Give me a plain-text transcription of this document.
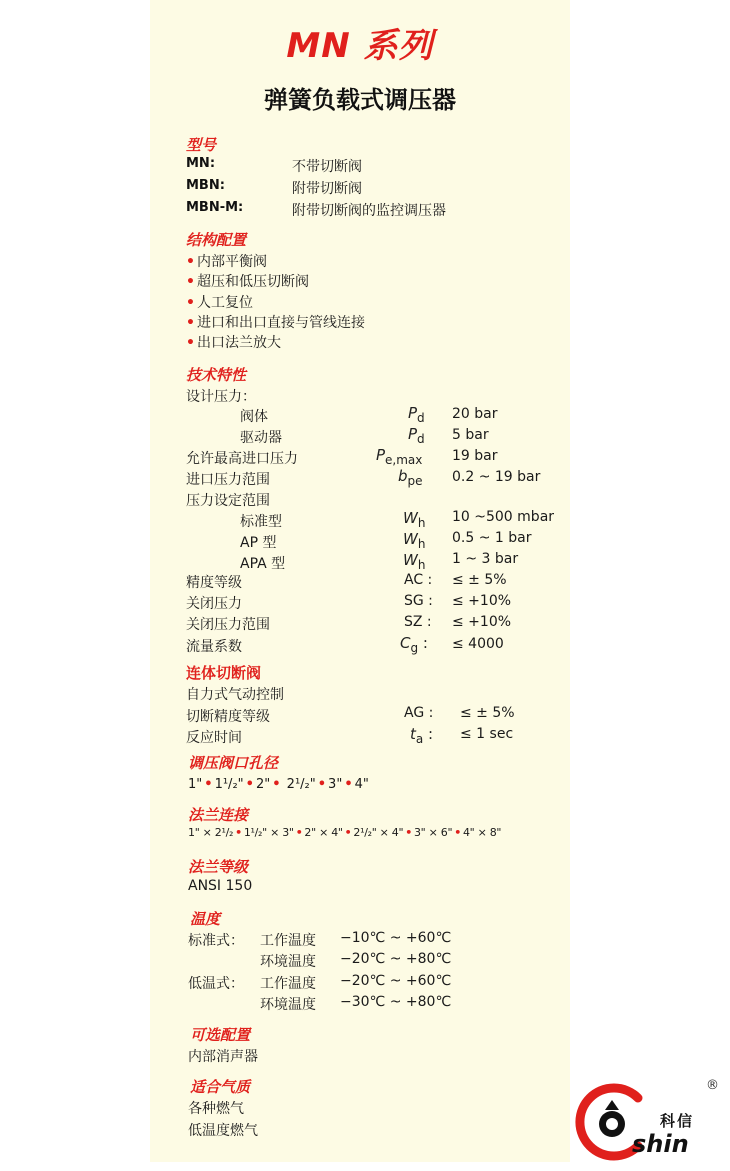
MN 系列
弹簧负载式调压器
型号
MN:	不带切断阀
MBN:	附带切断阀
MBN-M:	附带切断阀的监控调压器
结构配置
• 内部平衡阀
• 超压和低压切断阀
• 人工复位
• 进口和出口直接与管线连接
• 出口法兰放大
技术特性
设计压力：
阀体	$P_d$ 20 bar
驱动器	$P_d$ 5 bar
允许最高进口压力	$P_{e,max}$ 19 bar
进口压力范围	$b_{pe}$ 0.2 ~ 19 bar
压力设定范围
标准型	$W_h$ 10 ~500 mbar
AP 型	$W_h$ 0.5 ~ 1 bar
APA 型	$W_h$ 1 ~ 3 bar
精度等级	AC : ≤ ± 5%
关闭压力	SG : ≤ +10%
关闭压力范围	SZ : ≤ +10%
流量系数	$C_g$ : ≤ 4000
连体切断阀
自力式气动控制
切断精度等级	AG : ≤ ± 5%
反应时间	$t_a$ : ≤ 1 sec
调压阀口孔径
1" • 1¹/₂" • 2" • 2¹/₂" • 3" • 4"
法兰连接
1" × 2¹/₂ • 1¹/₂" × 3" • 2" × 4" • 2¹/₂" × 4" • 3" × 6" • 4" × 8"
法兰等级
ANSI 150
温度
标准式： 工作温度 −10℃ ~ +60℃
环境温度 −20℃ ~ +80℃
低温式： 工作温度 −20℃ ~ +60℃
环境温度 −30℃ ~ +80℃
可选配置
内部消声器
适合气质
各种燃气
低温度燃气
®
科信
shin
